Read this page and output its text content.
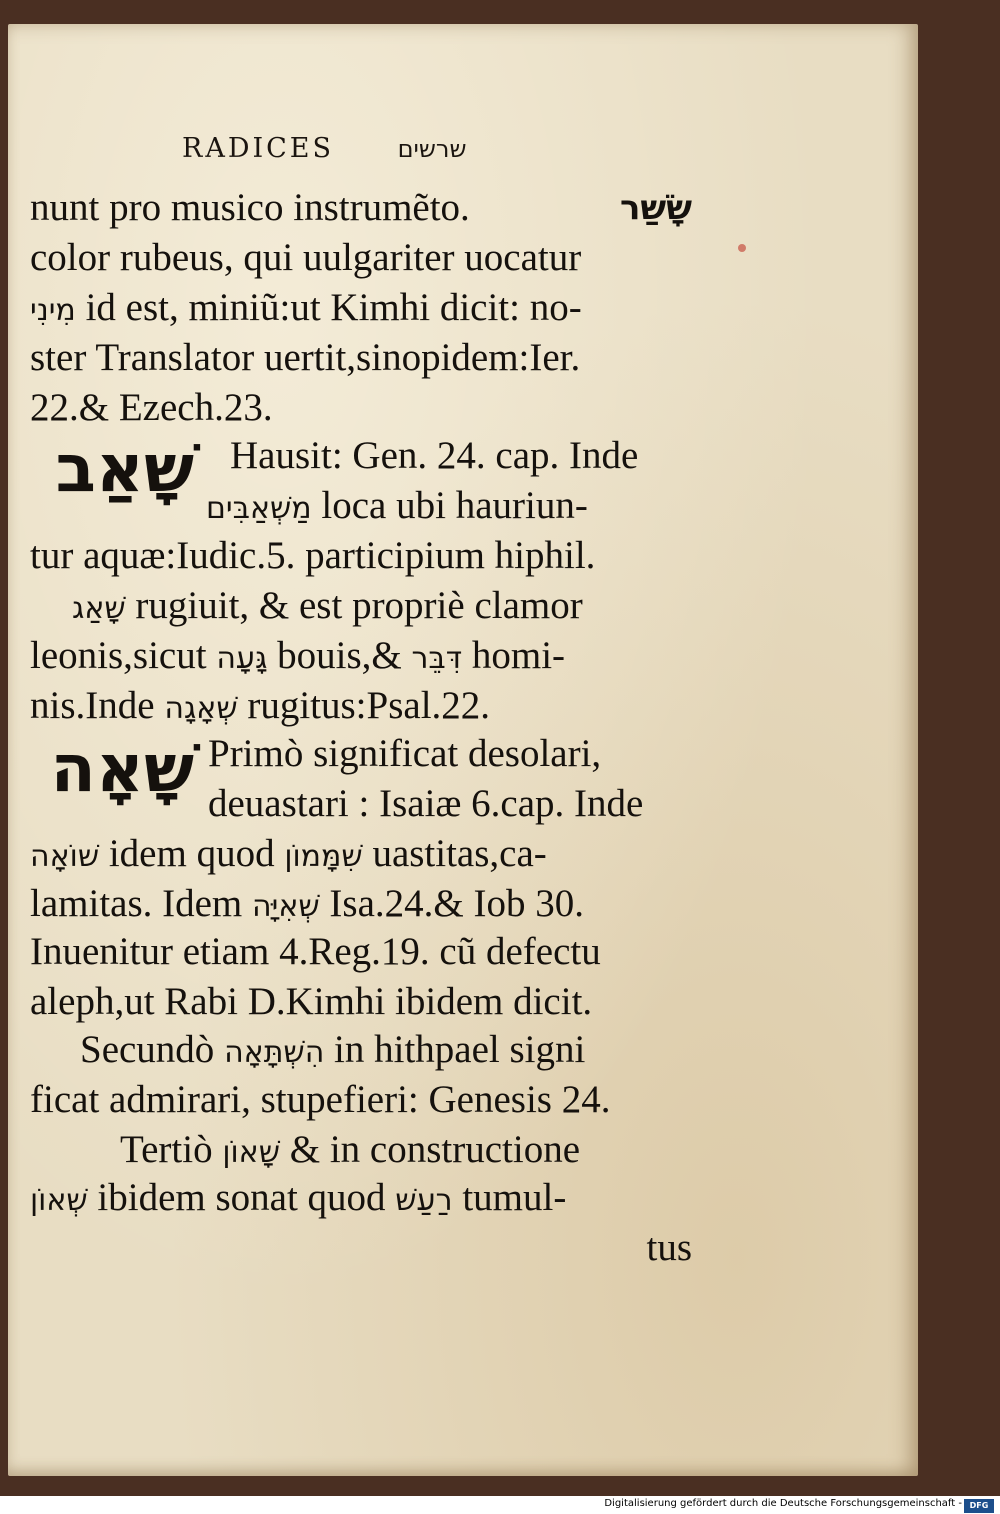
RADICES	שרשים
nunt pro musico instrumẽto.	שָׂשַׁר
color rubeus, qui uulgariter uocatur
מִינִי id est, miniũ:ut Kimhi dicit: no-
ster Translator uertit,sinopidem:Ier.
22.& Ezech.23.
שָׁאַב Hausit: Gen. 24. cap. Inde
מַשְׁאַבִּים loca ubi hauriun-
tur aquæ:Iudic.5. participium hiphil.
שָׁאַג rugiuit, & est propriè clamor
leonis,sicut גָּעָה bouis,& דִּבֵּר homi-
nis.Inde שְׁאָגָה rugitus:Psal.22.
שָׁאָה Primò significat desolari,
deuastari : Isaiæ 6.cap. Inde
שׁוֹאָה idem quod שִׁמָּמוֹן uastitas,ca-
lamitas. Idem שְׁאִיָּה Isa.24.& Iob 30.
Inuenitur etiam 4.Reg.19. cũ defectu
aleph,ut Rabi D.Kimhi ibidem dicit.
Secundò הִשְׁתָּאָה in hithpael signi
ficat admirari, stupefieri: Genesis 24.
Tertiò שָׁאוֹן & in constructione
שְׁאוֹן ibidem sonat quod רַעַשׁ tumul-
tus
Digitalisierung gefördert durch die Deutsche Forschungsgemeinschaft - DFG
